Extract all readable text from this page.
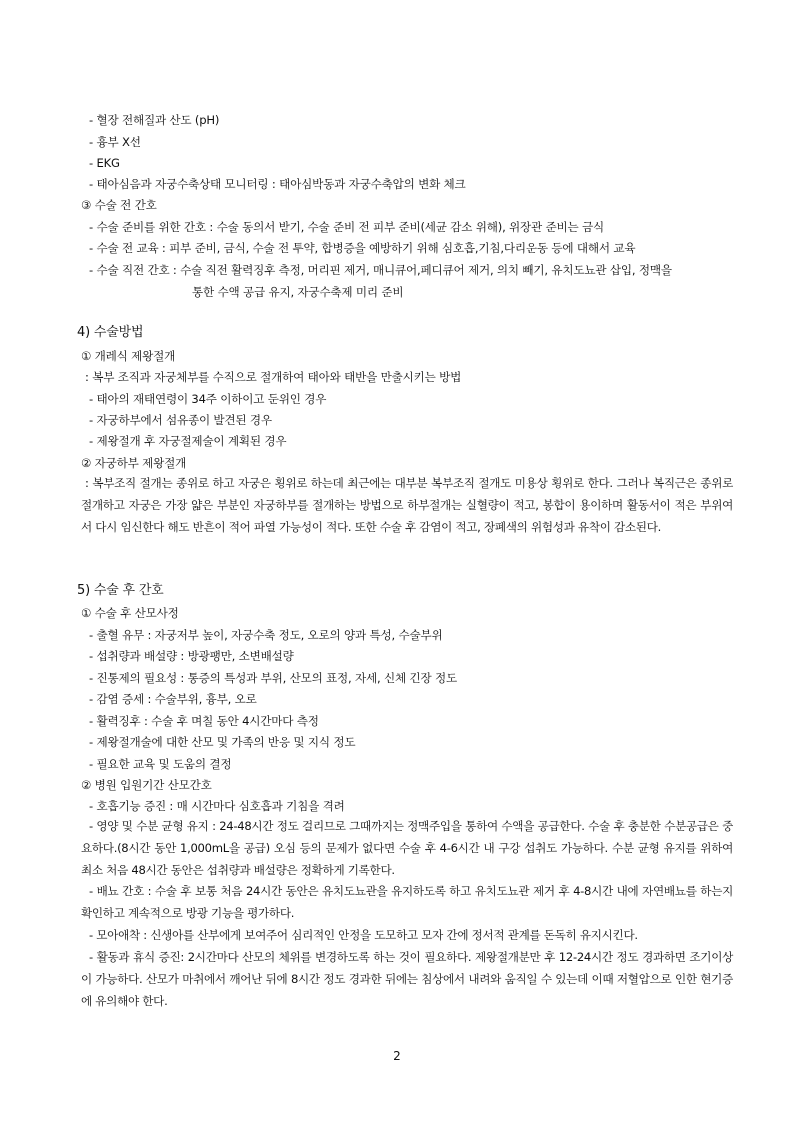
- 혈장 전해질과 산도 (pH)
- 흉부 X선
- EKG
- 태아심음과 자궁수축상태 모니터링 : 태아심박동과 자궁수축압의 변화 체크
③ 수술 전 간호
- 수술 준비를 위한 간호 : 수술 동의서 받기, 수술 준비 전 피부 준비(세균 감소 위해), 위장관 준비는 금식
- 수술 전 교육 : 피부 준비, 금식, 수술 전 투약, 합병증을 예방하기 위해 심호흡,기침,다리운동 등에 대해서 교육
- 수술 직전 간호 : 수술 직전 활력징후 측정, 머리핀 제거, 매니큐어,페디큐어 제거, 의치 빼기, 유치도뇨관 삽입, 정맥을
통한 수액 공급 유지, 자궁수축제 미리 준비
4) 수술방법
① 개레식 제왕절개
: 복부 조직과 자궁체부를 수직으로 절개하여 태아와 태반을 만출시키는 방법
- 태아의 재태연령이 34주 이하이고 둔위인 경우
- 자궁하부에서 섬유종이 발견된 경우
- 제왕절개 후 자궁절제술이 계획된 경우
② 자궁하부 제왕절개
: 복부조직 절개는 종위로 하고 자궁은 횡위로 하는데 최근에는 대부분 복부조직 절개도 미용상 횡위로 한다. 그러나 복직근은 종위로 절개하고 자궁은 가장 얇은 부분인 자궁하부를 절개하는 방법으로 하부절개는 실혈량이 적고, 봉합이 용이하며 활동서이 적은 부위여서 다시 임신한다 해도 반흔이 적어 파열 가능성이 적다. 또한 수술 후 감염이 적고, 장폐색의 위험성과 유착이 감소된다.
5) 수술 후 간호
① 수술 후 산모사정
- 출혈 유무 : 자궁저부 높이, 자궁수축 정도, 오로의 양과 특성, 수술부위
- 섭취량과 배설량 : 방광팽만, 소변배설량
- 진통제의 필요성 : 통증의 특성과 부위, 산모의 표정, 자세, 신체 긴장 정도
- 감염 증세 : 수술부위, 흉부, 오로
- 활력징후 : 수술 후 며칠 동안 4시간마다 측정
- 제왕절개술에 대한 산모 및 가족의 반응 및 지식 정도
- 필요한 교육 및 도움의 결정
② 병원 입원기간 산모간호
- 호흡기능 증진 : 매 시간마다 심호흡과 기침을 격려
- 영양 및 수분 균형 유지 : 24-48시간 정도 걸리므로 그때까지는 정맥주입을 통하여 수액을 공급한다. 수술 후 충분한 수분공급은 중요하다.(8시간 동안 1,000mL을 공급) 오심 등의 문제가 없다면 수술 후 4-6시간 내 구강 섭취도 가능하다. 수분 균형 유지를 위하여 최소 처음 48시간 동안은 섭취량과 배설량은 정확하게 기록한다.
- 배뇨 간호 : 수술 후 보통 처음 24시간 동안은 유치도뇨관을 유지하도록 하고 유치도뇨관 제거 후 4-8시간 내에 자연배뇨를 하는지 확인하고 계속적으로 방광 기능을 평가하다.
- 모아애착 : 신생아를 산부에게 보여주어 심리적인 안정을 도모하고 모자 간에 정서적 관계를 돈독히 유지시킨다.
- 활동과 휴식 증진: 2시간마다 산모의 체위를 변경하도록 하는 것이 필요하다. 제왕절개분만 후 12-24시간 정도 경과하면 조기이상이 가능하다. 산모가 마취에서 깨어난 뒤에 8시간 정도 경과한 뒤에는 침상에서 내려와 움직일 수 있는데 이때 저혈압으로 인한 현기증에 유의해야 한다.
2
